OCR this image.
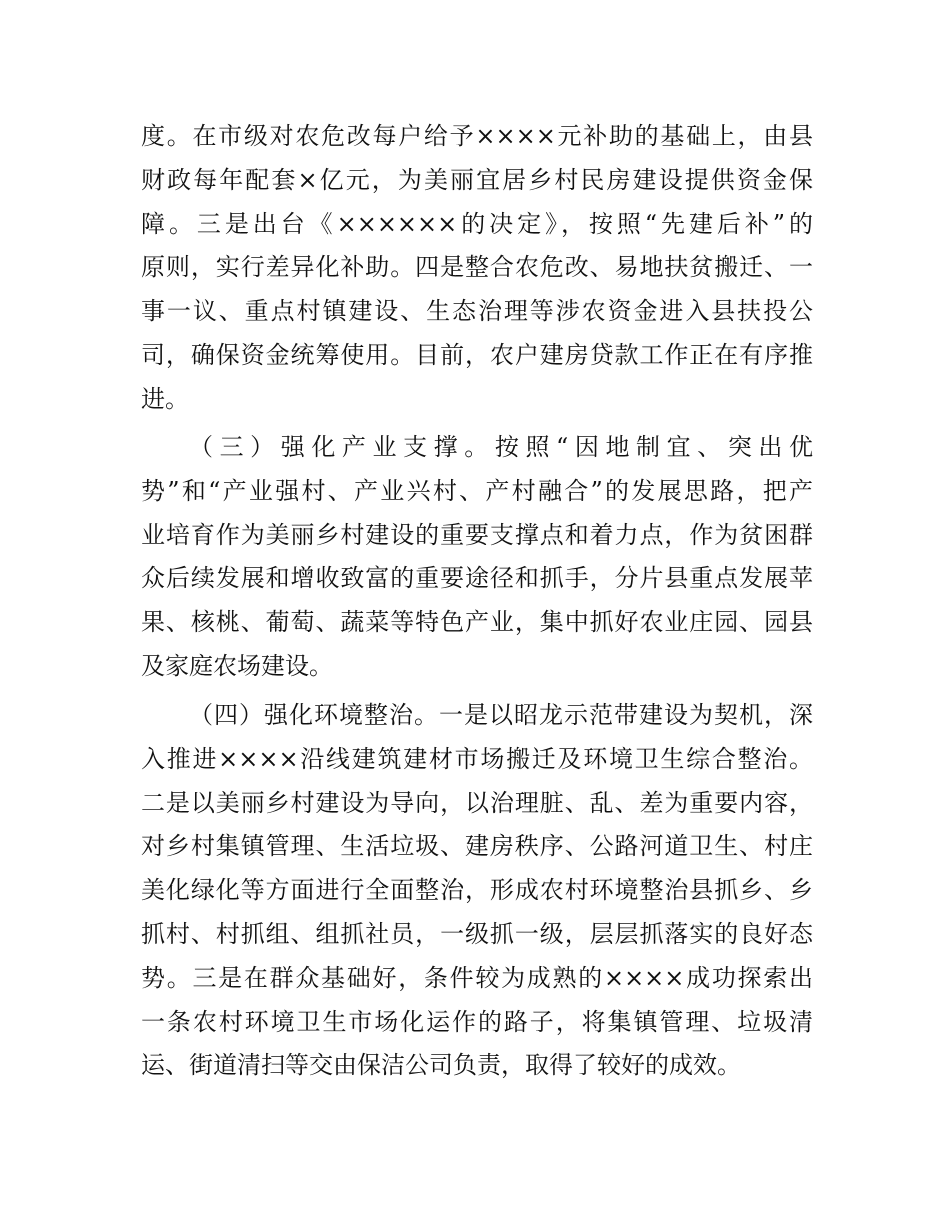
度。在市级对农危改每户给予××××元补助的基础上，由县
财政每年配套×亿元，为美丽宜居乡村民房建设提供资金保
障。三是出台《××××××的决定》，按照“先建后补”的
原则，实行差异化补助。四是整合农危改、易地扶贫搬迁、一
事一议、重点村镇建设、生态治理等涉农资金进入县扶投公
司，确保资金统筹使用。目前，农户建房贷款工作正在有序推
进。
（三）强化产业支撑。按照“因地制宜、突出优
势”和“产业强村、产业兴村、产村融合”的发展思路，把产
业培育作为美丽乡村建设的重要支撑点和着力点，作为贫困群
众后续发展和增收致富的重要途径和抓手，分片县重点发展苹
果、核桃、葡萄、蔬菜等特色产业，集中抓好农业庄园、园县
及家庭农场建设。
（四）强化环境整治。一是以昭龙示范带建设为契机，深
入推进××××沿线建筑建材市场搬迁及环境卫生综合整治。
二是以美丽乡村建设为导向，以治理脏、乱、差为重要内容，
对乡村集镇管理、生活垃圾、建房秩序、公路河道卫生、村庄
美化绿化等方面进行全面整治，形成农村环境整治县抓乡、乡
抓村、村抓组、组抓社员，一级抓一级，层层抓落实的良好态
势。三是在群众基础好，条件较为成熟的××××成功探索出
一条农村环境卫生市场化运作的路子，将集镇管理、垃圾清
运、街道清扫等交由保洁公司负责，取得了较好的成效。
